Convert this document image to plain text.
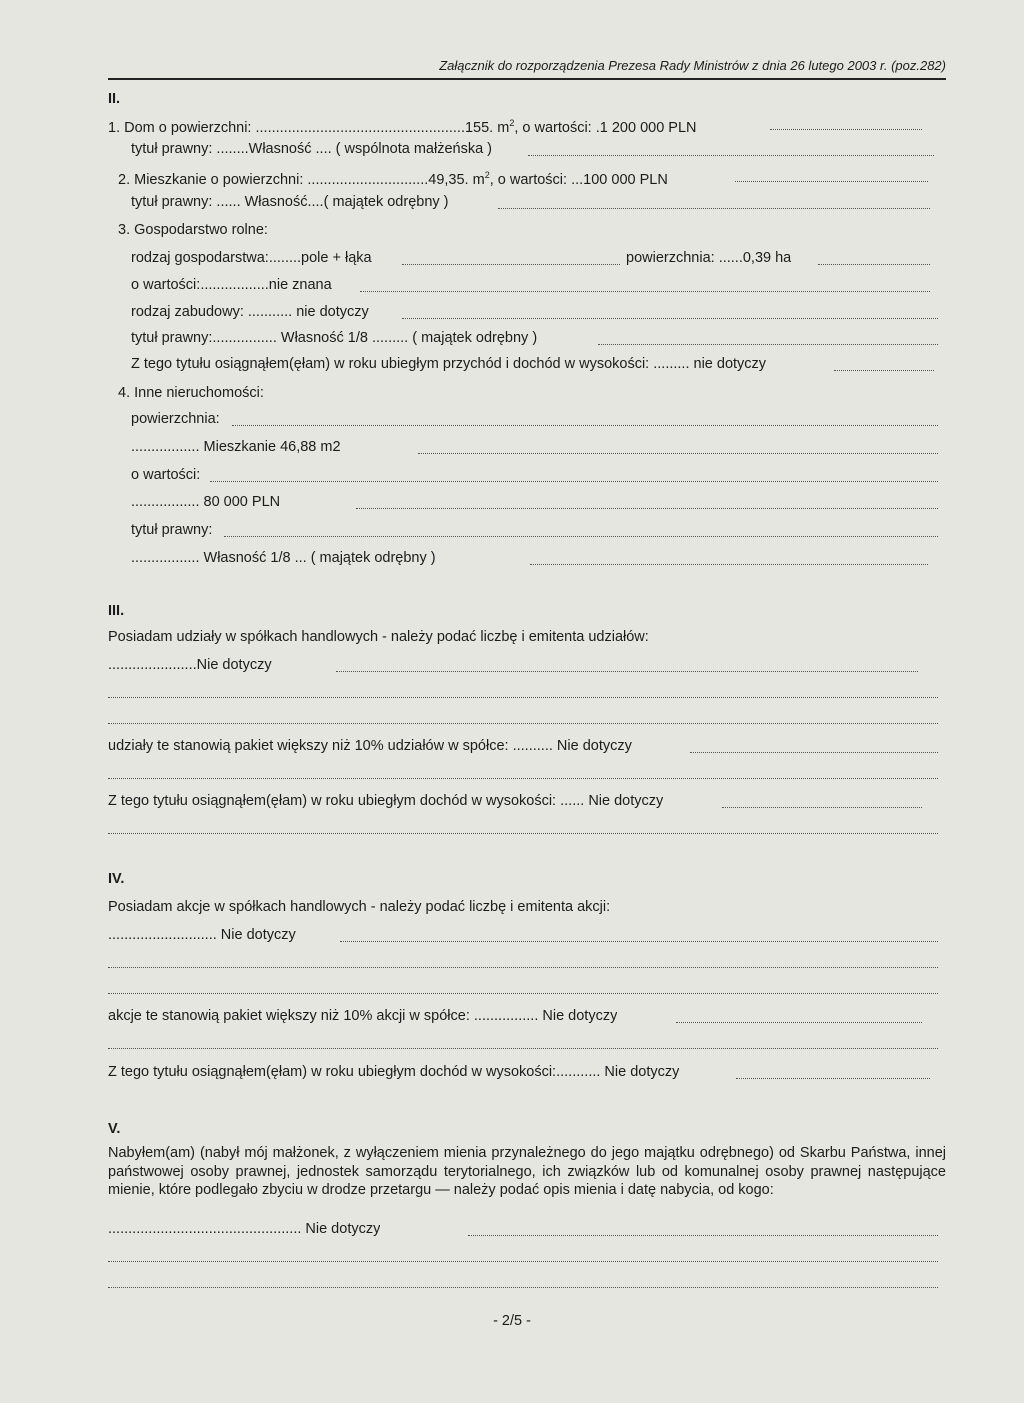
Załącznik do rozporządzenia Prezesa Rady Ministrów z dnia 26 lutego 2003 r. (poz.282)
II.
1. Dom o powierzchni: ....................................................155. $m^2$, o wartości: .1 200 000 PLN
tytuł prawny: ........Własność .... ( wspólnota małżeńska )
2. Mieszkanie o powierzchni: ..............................49,35. $m^2$, o wartości: ...100 000 PLN
tytuł prawny: ...... Własność....( majątek odrębny )
3. Gospodarstwo rolne:
rodzaj gospodarstwa:........pole + łąka	powierzchnia: ......0,39 ha
o wartości:.................nie znana
rodzaj zabudowy: ........... nie dotyczy
tytuł prawny:................ Własność 1/8 ......... ( majątek odrębny )
Z tego tytułu osiągnąłem(ęłam) w roku ubiegłym przychód i dochód w wysokości: ......... nie dotyczy
4. Inne nieruchomości:
powierzchnia:
................. Mieszkanie 46,88 m2
o wartości:
................. 80 000 PLN
tytuł prawny:
................. Własność 1/8 ... ( majątek odrębny )
III.
Posiadam udziały w spółkach handlowych - należy podać liczbę i emitenta udziałów:
......................Nie dotyczy
udziały te stanowią pakiet większy niż 10% udziałów w spółce: .......... Nie dotyczy
Z tego tytułu osiągnąłem(ęłam) w roku ubiegłym dochód w wysokości: ...... Nie dotyczy
IV.
Posiadam akcje w spółkach handlowych - należy podać liczbę i emitenta akcji:
........................... Nie dotyczy
akcje te stanowią pakiet większy niż 10% akcji w spółce: ................ Nie dotyczy
Z tego tytułu osiągnąłem(ęłam) w roku ubiegłym dochód w wysokości:........... Nie dotyczy
V.
Nabyłem(am) (nabył mój małżonek, z wyłączeniem mienia przynależnego do jego majątku odrębnego) od Skarbu Państwa, innej państwowej osoby prawnej, jednostek samorządu terytorialnego, ich związków lub od komunalnej osoby prawnej następujące mienie, które podlegało zbyciu w drodze przetargu — należy podać opis mienia i datę nabycia, od kogo:
................................................ Nie dotyczy
- 2/5 -
